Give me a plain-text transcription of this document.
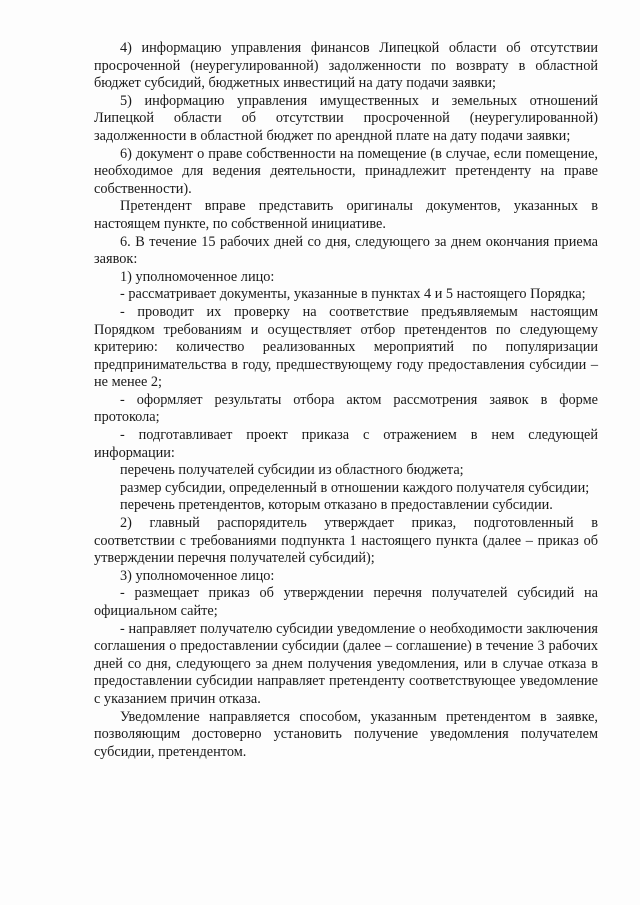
4) информацию управления финансов Липецкой области об отсутствии просроченной (неурегулированной) задолженности по возврату в областной бюджет субсидий, бюджетных инвестиций на дату подачи заявки;

5) информацию управления имущественных и земельных отношений Липецкой области об отсутствии просроченной (неурегулированной) задолженности в областной бюджет по арендной плате на дату подачи заявки;

6) документ о праве собственности на помещение (в случае, если помещение, необходимое для ведения деятельности, принадлежит претенденту на праве собственности).

Претендент вправе представить оригиналы документов, указанных в настоящем пункте, по собственной инициативе.

6. В течение 15 рабочих дней со дня, следующего за днем окончания приема заявок:

1) уполномоченное лицо:

- рассматривает документы, указанные в пунктах 4 и 5 настоящего Порядка;

- проводит их проверку на соответствие предъявляемым настоящим Порядком требованиям и осуществляет отбор претендентов по следующему критерию: количество реализованных мероприятий по популяризации предпринимательства в году, предшествующему году предоставления субсидии – не менее 2;

- оформляет результаты отбора актом рассмотрения заявок в форме протокола;

- подготавливает проект приказа с отражением в нем следующей информации:

перечень получателей субсидии из областного бюджета;

размер субсидии, определенный в отношении каждого получателя субсидии;

перечень претендентов, которым отказано в предоставлении субсидии.

2) главный распорядитель утверждает приказ, подготовленный в соответствии с требованиями подпункта 1 настоящего пункта (далее – приказ об утверждении перечня получателей субсидий);

3) уполномоченное лицо:

- размещает приказ об утверждении перечня получателей субсидий на официальном сайте;

- направляет получателю субсидии уведомление о необходимости заключения соглашения о предоставлении субсидии (далее – соглашение) в течение 3 рабочих дней со дня, следующего за днем получения уведомления, или в случае отказа в предоставлении субсидии направляет претенденту соответствующее уведомление с указанием причин отказа.

Уведомление направляется способом, указанным претендентом в заявке, позволяющим достоверно установить получение уведомления получателем субсидии, претендентом.
